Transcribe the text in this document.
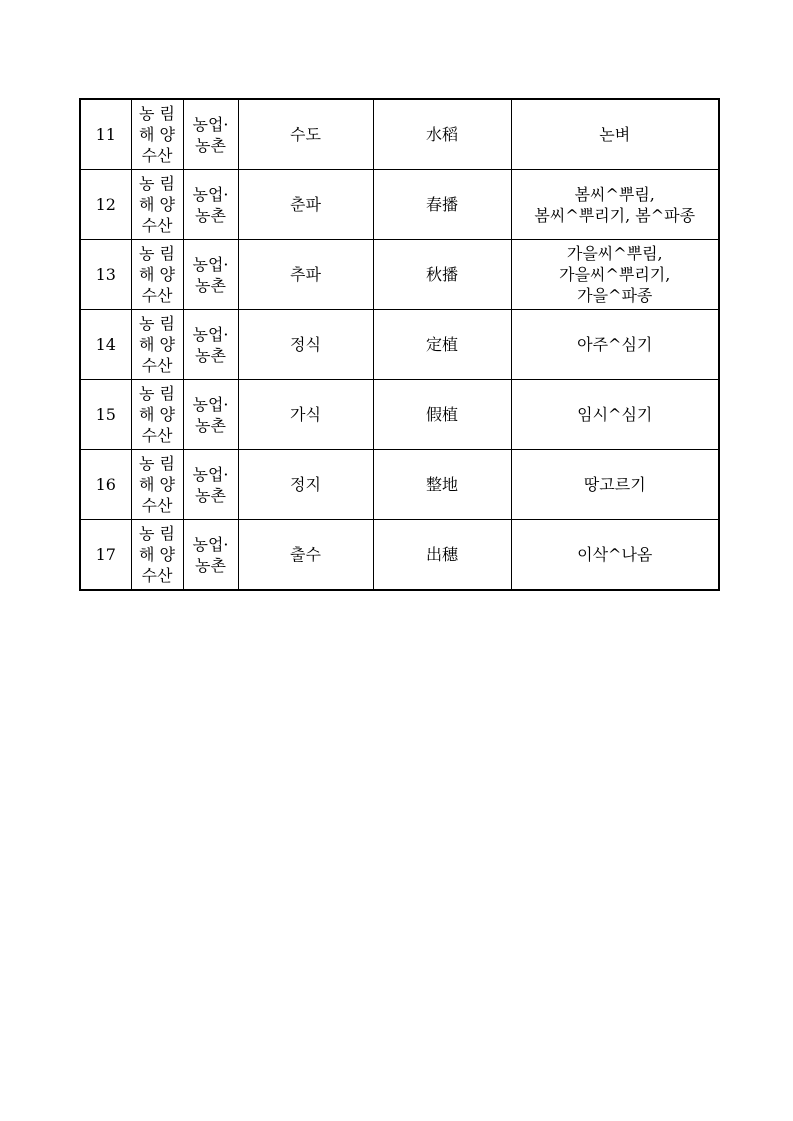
11	농 림
해 양
수산	농업·
농촌	수도	水稻	논벼

12	농 림
해 양
수산	농업·
농촌	춘파	春播	봄씨^뿌림,
봄씨^뿌리기, 봄^파종

13	농 림
해 양
수산	농업·
농촌	추파	秋播	가을씨^뿌림,
가을씨^뿌리기,
가을^파종

14	농 림
해 양
수산	농업·
농촌	정식	定植	아주^심기

15	농 림
해 양
수산	농업·
농촌	가식	假植	임시^심기

16	농 림
해 양
수산	농업·
농촌	정지	整地	땅고르기

17	농 림
해 양
수산	농업·
농촌	출수	出穗	이삭^나옴
